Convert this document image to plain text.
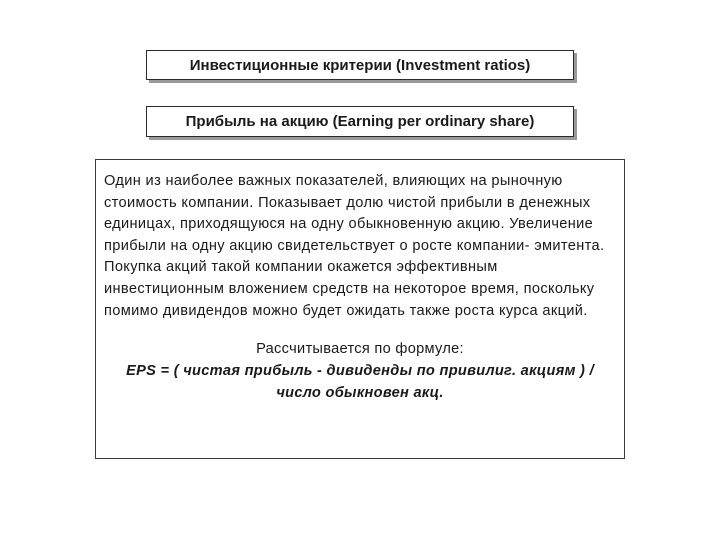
Инвестиционные критерии (Investment ratios)
Прибыль на акцию (Earning per ordinary share)

Один из наиболее важных показателей, влияющих на рыночную стоимость компании. Показывает долю чистой прибыли в денежных единицах, приходящуюся на одну обыкновенную акцию. Увеличение прибыли на одну акцию свидетельствует о росте компании- эмитента. Покупка акций такой компании окажется эффективным инвестиционным вложением средств на некоторое время, поскольку помимо дивидендов можно будет ожидать также роста курса акций.

Рассчитывается по формуле:
EPS = ( чистая прибыль - дивиденды по привилиг. акциям ) /
число обыкновен акц.
